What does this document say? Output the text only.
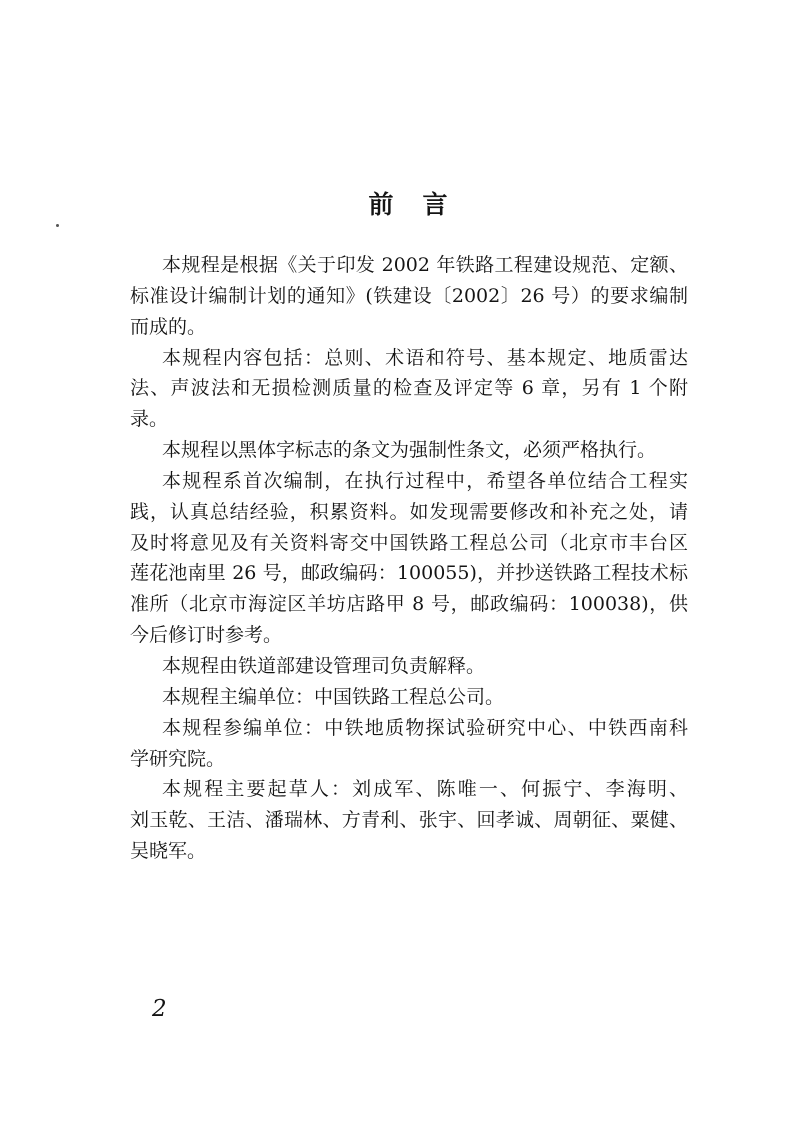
前　言
本规程是根据《关于印发 2002 年铁路工程建设规范、定额、
标准设计编制计划的通知》(铁建设〔2002〕26 号）的要求编制
而成的。
本规程内容包括：总则、术语和符号、基本规定、地质雷达
法、声波法和无损检测质量的检查及评定等 6 章，另有 1 个附
录。
本规程以黑体字标志的条文为强制性条文，必须严格执行。
本规程系首次编制，在执行过程中，希望各单位结合工程实
践，认真总结经验，积累资料。如发现需要修改和补充之处，请
及时将意见及有关资料寄交中国铁路工程总公司（北京市丰台区
莲花池南里 26 号，邮政编码：100055)，并抄送铁路工程技术标
准所（北京市海淀区羊坊店路甲 8 号，邮政编码：100038)，供
今后修订时参考。
本规程由铁道部建设管理司负责解释。
本规程主编单位：中国铁路工程总公司。
本规程参编单位：中铁地质物探试验研究中心、中铁西南科
学研究院。
本规程主要起草人：刘成军、陈唯一、何振宁、李海明、
刘玉乾、王洁、潘瑞林、方青利、张宇、回孝诚、周朝征、粟健、
吴晓军。
2
